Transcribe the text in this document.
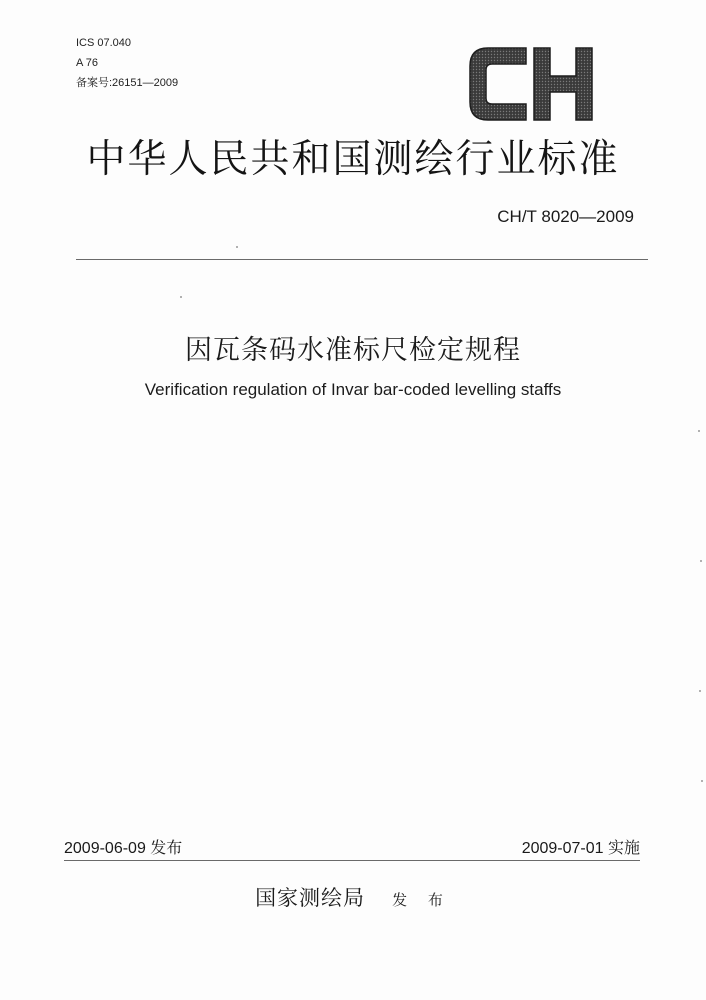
ICS 07.040
A 76
备案号:26151—2009
中华人民共和国测绘行业标准
CH/T 8020—2009
因瓦条码水准标尺检定规程
Verification regulation of Invar bar-coded levelling staffs
2009-06-09 发布	2009-07-01 实施
国家测绘局 发 布
